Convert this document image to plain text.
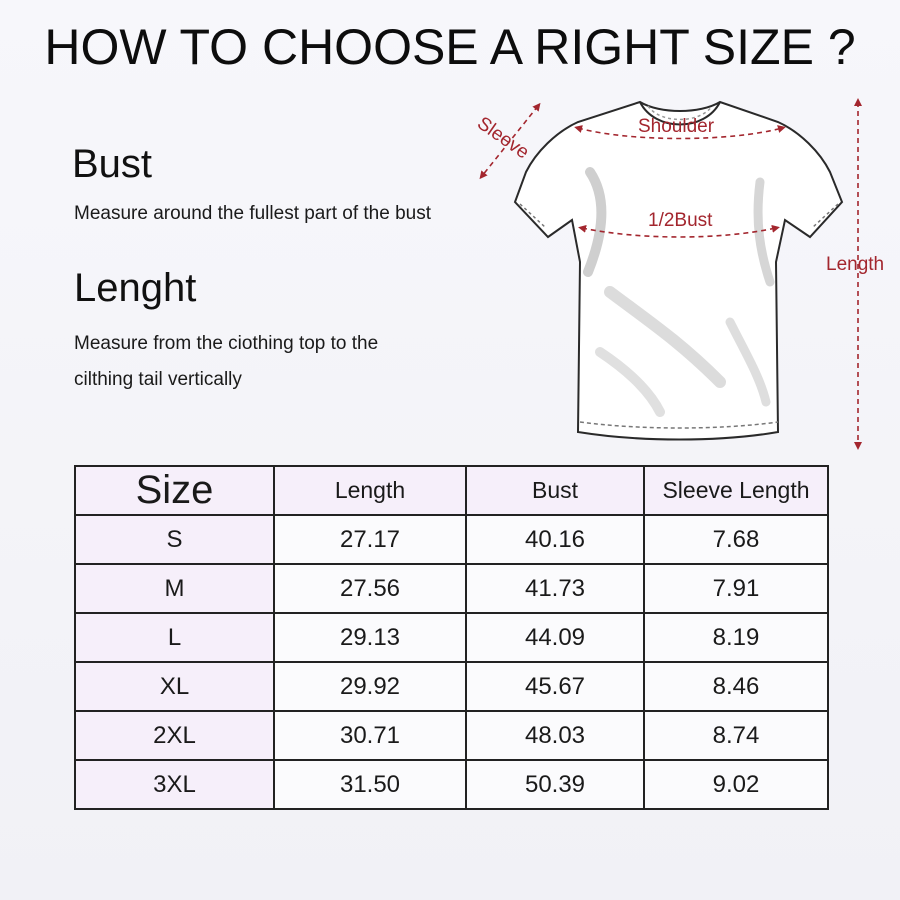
HOW TO CHOOSE A RIGHT SIZE ?
Bust
Measure around the fullest part of the bust
Lenght
Measure from the ciothing top to the
cilthing tail vertically
Shoulder
Sleeve
1/2Bust
Length
Size	Length	Bust	Sleeve Length
S	27.17	40.16	7.68
M	27.56	41.73	7.91
L	29.13	44.09	8.19
XL	29.92	45.67	8.46
2XL	30.71	48.03	8.74
3XL	31.50	50.39	9.02
